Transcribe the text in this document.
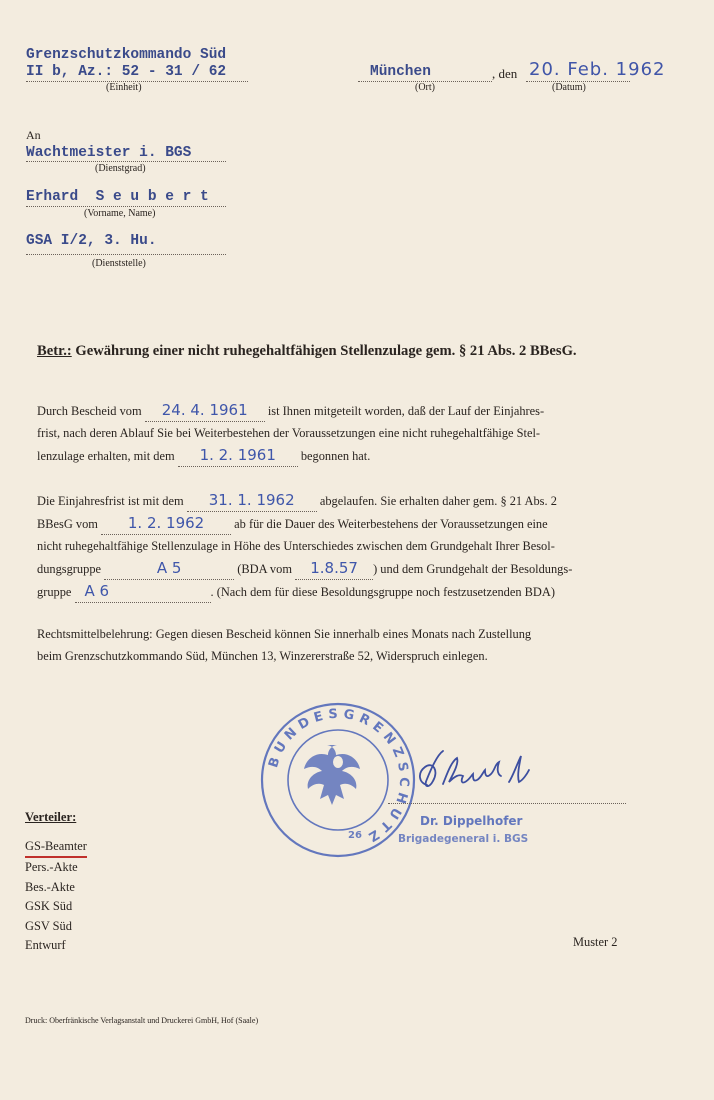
Grenzschutzkommando Süd
II b, Az.: 52 - 31 / 62
(Einheit)
München
(Ort)
, den 20. Feb. 1962
(Datum)
An
Wachtmeister i. BGS
(Dienstgrad)
Erhard  S e u b e r t
(Vorname, Name)
GSA I/2, 3. Hu.
(Dienststelle)
Betr.: Gewährung einer nicht ruhegehaltfähigen Stellenzulage gem. § 21 Abs. 2 BBesG.
Durch Bescheid vom 24. 4. 1961 ist Ihnen mitgeteilt worden, daß der Lauf der Einjahres-
frist, nach deren Ablauf Sie bei Weiterbestehen der Voraussetzungen eine nicht ruhegehaltfähige Stel-
lenzulage erhalten, mit dem 1. 2. 1961 begonnen hat.
Die Einjahresfrist ist mit dem 31. 1. 1962 abgelaufen. Sie erhalten daher gem. § 21 Abs. 2
BBesG vom 1. 2. 1962 ab für die Dauer des Weiterbestehens der Voraussetzungen eine
nicht ruhegehaltfähige Stellenzulage in Höhe des Unterschiedes zwischen dem Grundgehalt Ihrer Besol-
dungsgruppe	A 5	(BDA vom 1.8.57 ) und dem Grundgehalt der Besoldungs-
gruppe A 6	. (Nach dem für diese Besoldungsgruppe noch festzusetzenden BDA)
Rechtsmittelbelehrung: Gegen diesen Bescheid können Sie innerhalb eines Monats nach Zustellung
beim Grenzschutzkommando Süd, München 13, Winzererstraße 52, Widerspruch einlegen.
BUNDESGRENZSCHUTZ
26
Dr. Dippelhofer
Brigadegeneral i. BGS
Verteiler:
GS-Beamter
Pers.-Akte
Bes.-Akte
GSK Süd
GSV Süd
Entwurf	Muster 2
Druck: Oberfränkische Verlagsanstalt und Druckerei GmbH, Hof (Saale)
